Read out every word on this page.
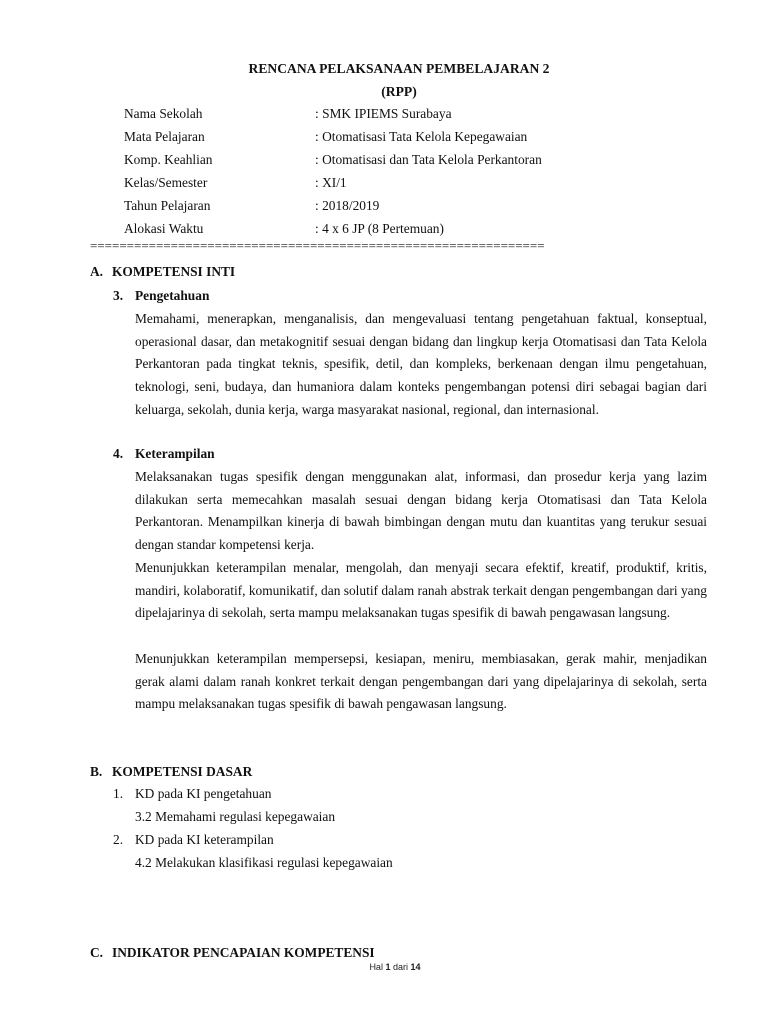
RENCANA PELAKSANAAN PEMBELAJARAN 2
(RPP)
Nama Sekolah	: SMK IPIEMS Surabaya
Mata Pelajaran	: Otomatisasi Tata Kelola Kepegawaian
Komp. Keahlian	: Otomatisasi dan Tata Kelola Perkantoran
Kelas/Semester	: XI/1
Tahun Pelajaran	: 2018/2019
Alokasi Waktu	: 4 x 6 JP (8 Pertemuan)
==============================================================
A. KOMPETENSI INTI
3. Pengetahuan

Memahami, menerapkan, menganalisis, dan mengevaluasi tentang pengetahuan faktual, konseptual, operasional dasar, dan metakognitif sesuai dengan bidang dan lingkup kerja Otomatisasi dan Tata Kelola Perkantoran pada tingkat teknis, spesifik, detil, dan kompleks, berkenaan dengan ilmu pengetahuan, teknologi, seni, budaya, dan humaniora dalam konteks pengembangan potensi diri sebagai bagian dari keluarga, sekolah, dunia kerja, warga masyarakat nasional, regional, dan internasional.

4. Keterampilan

Melaksanakan tugas spesifik dengan menggunakan alat, informasi, dan prosedur kerja yang lazim dilakukan serta memecahkan masalah sesuai dengan bidang kerja Otomatisasi dan Tata Kelola Perkantoran. Menampilkan kinerja di bawah bimbingan dengan mutu dan kuantitas yang terukur sesuai dengan standar kompetensi kerja.

Menunjukkan keterampilan menalar, mengolah, dan menyaji secara efektif, kreatif, produktif, kritis, mandiri, kolaboratif, komunikatif, dan solutif dalam ranah abstrak terkait dengan pengembangan dari yang dipelajarinya di sekolah, serta mampu melaksanakan tugas spesifik di bawah pengawasan langsung.

Menunjukkan keterampilan mempersepsi, kesiapan, meniru, membiasakan, gerak mahir, menjadikan gerak alami dalam ranah konkret terkait dengan pengembangan dari yang dipelajarinya di sekolah, serta mampu melaksanakan tugas spesifik di bawah pengawasan langsung.

B. KOMPETENSI DASAR
1. KD pada KI pengetahuan
3.2 Memahami regulasi kepegawaian
2. KD pada KI keterampilan
4.2 Melakukan klasifikasi regulasi kepegawaian
C. INDIKATOR PENCAPAIAN KOMPETENSI
Hal 1 dari 14
